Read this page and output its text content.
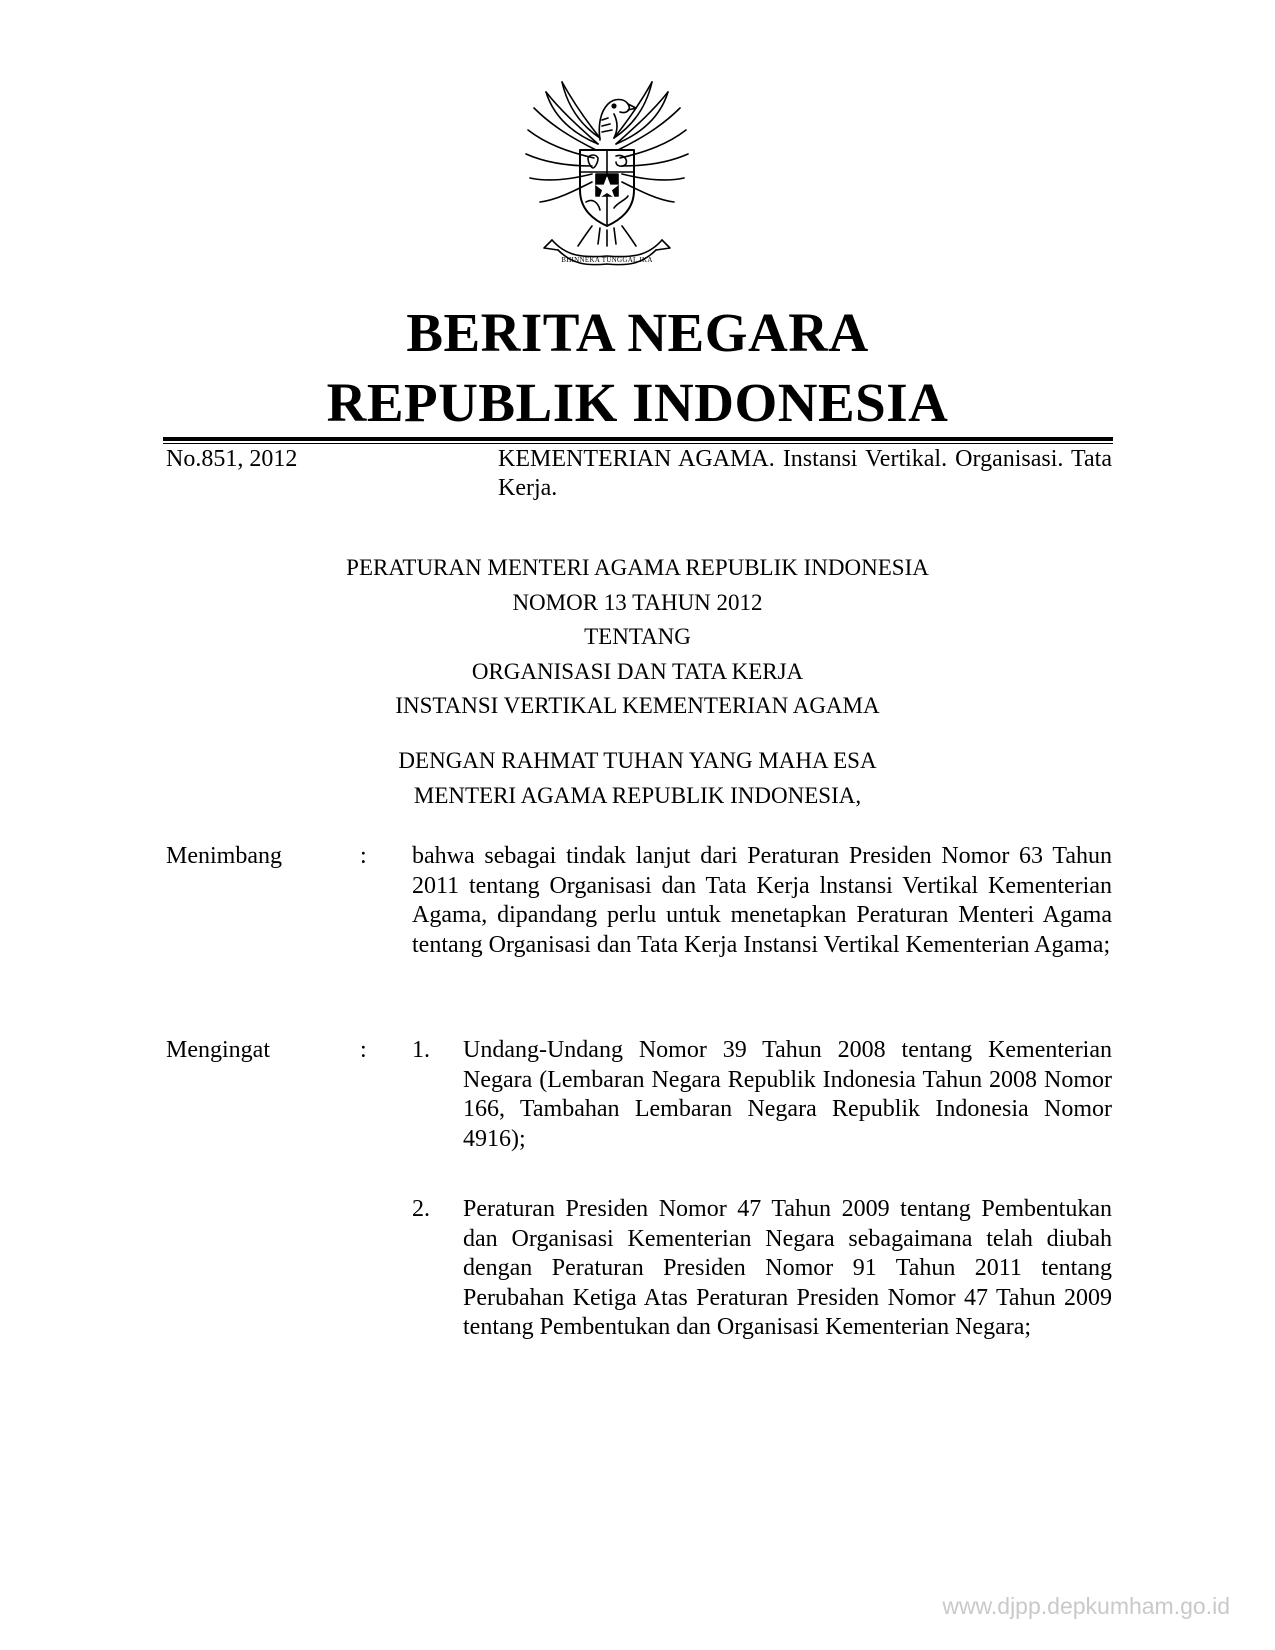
BHINNEKA TUNGGAL IKA
BERITA NEGARA
REPUBLIK INDONESIA
No.851, 2012	KEMENTERIAN AGAMA. Instansi Vertikal. Organisasi. Tata Kerja.

PERATURAN MENTERI AGAMA REPUBLIK INDONESIA

NOMOR 13 TAHUN 2012

TENTANG

ORGANISASI DAN TATA KERJA

INSTANSI VERTIKAL KEMENTERIAN AGAMA

DENGAN RAHMAT TUHAN YANG MAHA ESA

MENTERI AGAMA REPUBLIK INDONESIA,

Menimbang	: bahwa sebagai tindak lanjut dari Peraturan Presiden Nomor 63 Tahun 2011 tentang Organisasi dan Tata Kerja lnstansi Vertikal Kementerian Agama, dipandang perlu untuk menetapkan Peraturan Menteri Agama tentang Organisasi dan Tata Kerja Instansi Vertikal Kementerian Agama;
Mengingat	: 1. Undang-Undang Nomor 39 Tahun 2008 tentang Kementerian Negara (Lembaran Negara Republik Indonesia Tahun 2008 Nomor 166, Tambahan Lembaran Negara Republik Indonesia Nomor 4916);
2. Peraturan Presiden Nomor 47 Tahun 2009 tentang Pembentukan dan Organisasi Kementerian Negara sebagaimana telah diubah dengan Peraturan Presiden Nomor 91 Tahun 2011 tentang Perubahan Ketiga Atas Peraturan Presiden Nomor 47 Tahun 2009 tentang Pembentukan dan Organisasi Kementerian Negara;
www.djpp.depkumham.go.id
